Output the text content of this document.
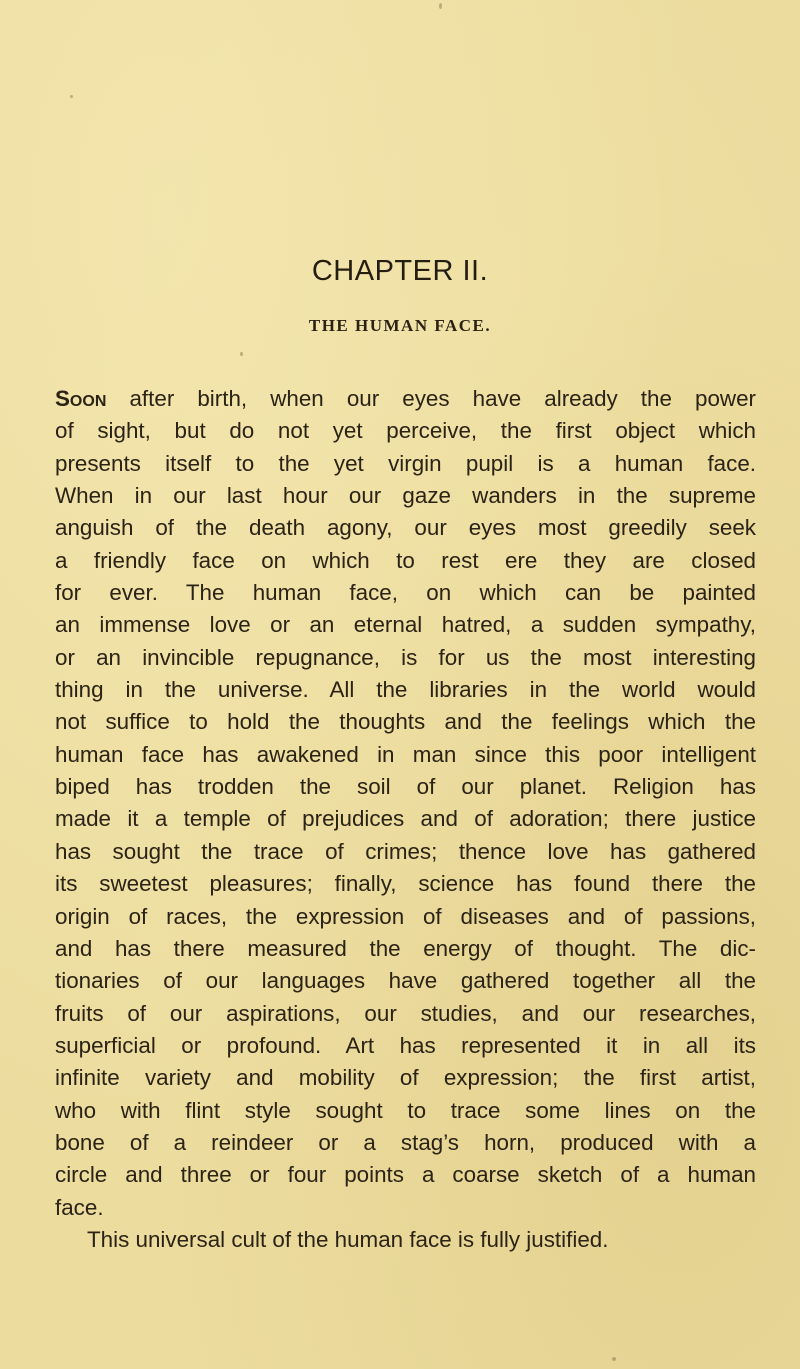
CHAPTER II.
THE HUMAN FACE.
Soon after birth, when our eyes have already the power
of sight, but do not yet perceive, the first object which
presents itself to the yet virgin pupil is a human face.
When in our last hour our gaze wanders in the supreme
anguish of the death agony, our eyes most greedily seek
a friendly face on which to rest ere they are closed
for ever. The human face, on which can be painted
an immense love or an eternal hatred, a sudden sympathy,
or an invincible repugnance, is for us the most interesting
thing in the universe. All the libraries in the world would
not suffice to hold the thoughts and the feelings which the
human face has awakened in man since this poor intelligent
biped has trodden the soil of our planet. Religion has
made it a temple of prejudices and of adoration; there justice
has sought the trace of crimes; thence love has gathered
its sweetest pleasures; finally, science has found there the
origin of races, the expression of diseases and of passions,
and has there measured the energy of thought. The dic-
tionaries of our languages have gathered together all the
fruits of our aspirations, our studies, and our researches,
superficial or profound. Art has represented it in all its
infinite variety and mobility of expression; the first artist,
who with flint style sought to trace some lines on the
bone of a reindeer or a stag’s horn, produced with a
circle and three or four points a coarse sketch of a human
face.
This universal cult of the human face is fully justified.
